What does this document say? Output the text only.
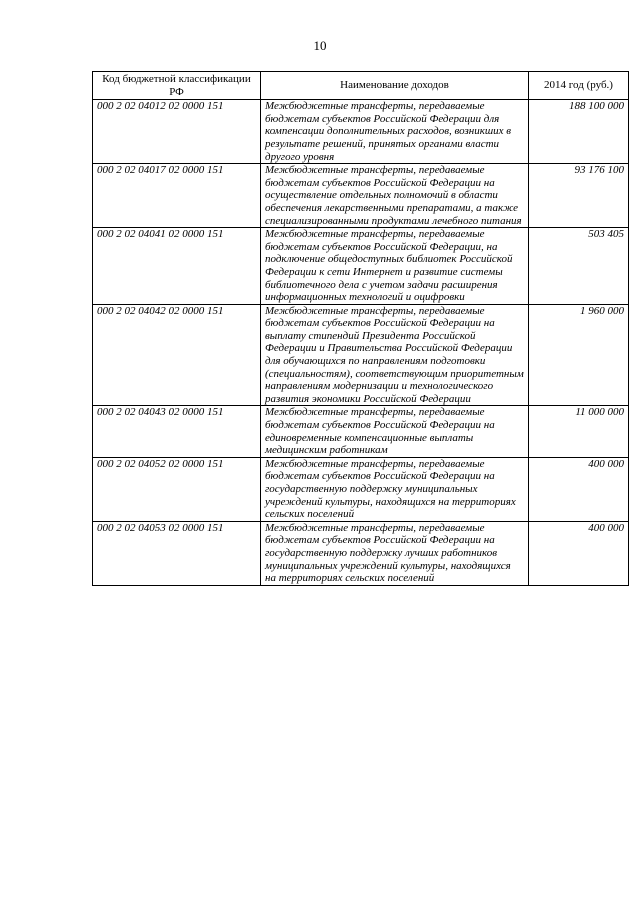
10
Код бюджетной классификации РФ	Наименование доходов	2014 год (руб.)
000 2 02 04012 02 0000 151	Межбюджетные трансферты, передаваемые бюджетам субъектов Российской Федерации для компенсации дополнительных расходов, возникших в результате решений, принятых органами власти другого уровня	188 100 000
000 2 02 04017 02 0000 151	Межбюджетные трансферты, передаваемые бюджетам субъектов Российской Федерации на осуществление отдельных полномочий в области обеспечения лекарственными препаратами, а также специализированными продуктами лечебного питания	93 176 100
000 2 02 04041 02 0000 151	Межбюджетные трансферты, передаваемые бюджетам субъектов Российской Федерации, на подключение общедоступных библиотек Российской Федерации к сети Интернет и развитие системы библиотечного дела с учетом задачи расширения информационных технологий и оцифровки	503 405
000 2 02 04042 02 0000 151	Межбюджетные трансферты, передаваемые бюджетам субъектов Российской Федерации на выплату стипендий Президента Российской Федерации и Правительства Российской Федерации для обучающихся по направлениям подготовки (специальностям), соответствующим приоритетным направлениям модернизации и технологического развития экономики Российской Федерации	1 960 000
000 2 02 04043 02 0000 151	Межбюджетные трансферты, передаваемые бюджетам субъектов Российской Федерации на единовременные компенсационные выплаты медицинским работникам	11 000 000
000 2 02 04052 02 0000 151	Межбюджетные трансферты, передаваемые бюджетам субъектов Российской Федерации на государственную поддержку муниципальных учреждений культуры, находящихся на территориях сельских поселений	400 000
000 2 02 04053 02 0000 151	Межбюджетные трансферты, передаваемые бюджетам субъектов Российской Федерации на государственную поддержку лучших работников муниципальных учреждений культуры, находящихся на территориях сельских поселений	400 000
